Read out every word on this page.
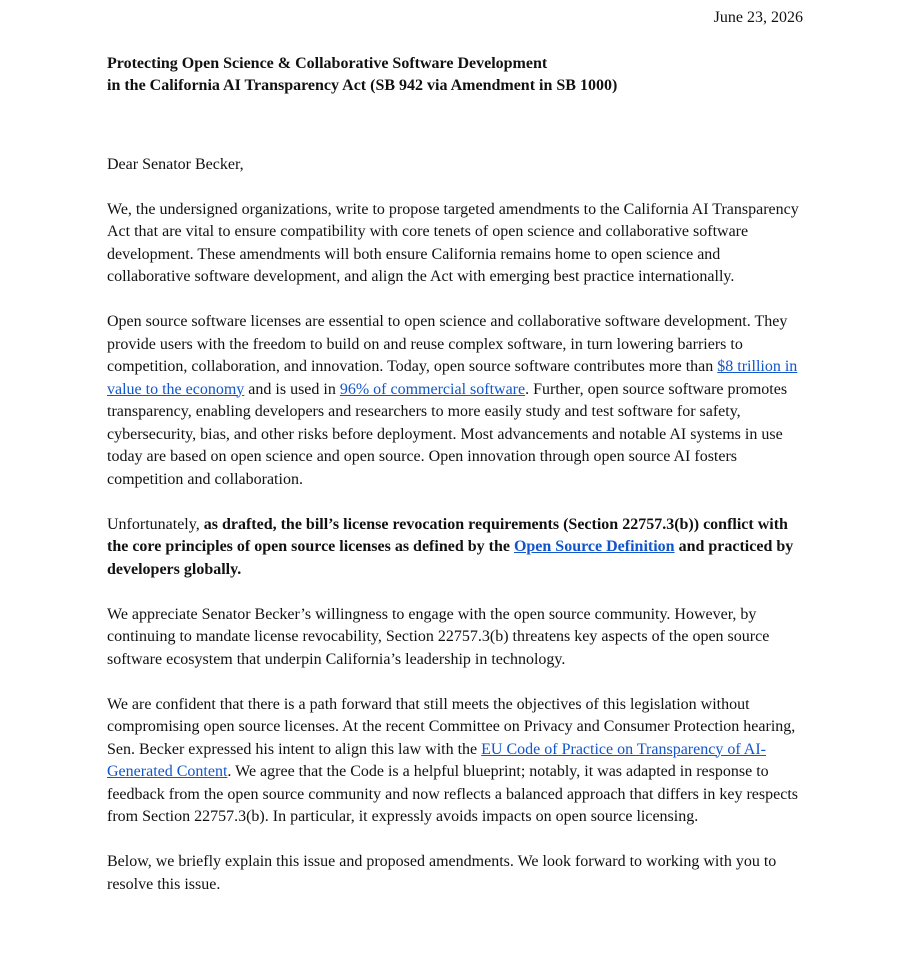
June 23, 2026

Protecting Open Science & Collaborative Software Development
in the California AI Transparency Act (SB 942 via Amendment in SB 1000)

Dear Senator Becker,

We, the undersigned organizations, write to propose targeted amendments to the California AI Transparency Act that are vital to ensure compatibility with core tenets of open science and collaborative software development. These amendments will both ensure California remains home to open science and collaborative software development, and align the Act with emerging best practice internationally.

Open source software licenses are essential to open science and collaborative software development. They provide users with the freedom to build on and reuse complex software, in turn lowering barriers to competition, collaboration, and innovation. Today, open source software contributes more than $8 trillion in value to the economy and is used in 96% of commercial software. Further, open source software promotes transparency, enabling developers and researchers to more easily study and test software for safety, cybersecurity, bias, and other risks before deployment. Most advancements and notable AI systems in use today are based on open science and open source. Open innovation through open source AI fosters competition and collaboration.

Unfortunately, as drafted, the bill’s license revocation requirements (Section 22757.3(b)) conflict with the core principles of open source licenses as defined by the Open Source Definition and practiced by developers globally.

We appreciate Senator Becker’s willingness to engage with the open source community. However, by continuing to mandate license revocability, Section 22757.3(b) threatens key aspects of the open source software ecosystem that underpin California’s leadership in technology.

We are confident that there is a path forward that still meets the objectives of this legislation without compromising open source licenses. At the recent Committee on Privacy and Consumer Protection hearing, Sen. Becker expressed his intent to align this law with the EU Code of Practice on Transparency of AI-Generated Content. We agree that the Code is a helpful blueprint; notably, it was adapted in response to feedback from the open source community and now reflects a balanced approach that differs in key respects from Section 22757.3(b). In particular, it expressly avoids impacts on open source licensing.

Below, we briefly explain this issue and proposed amendments. We look forward to working with you to resolve this issue.
